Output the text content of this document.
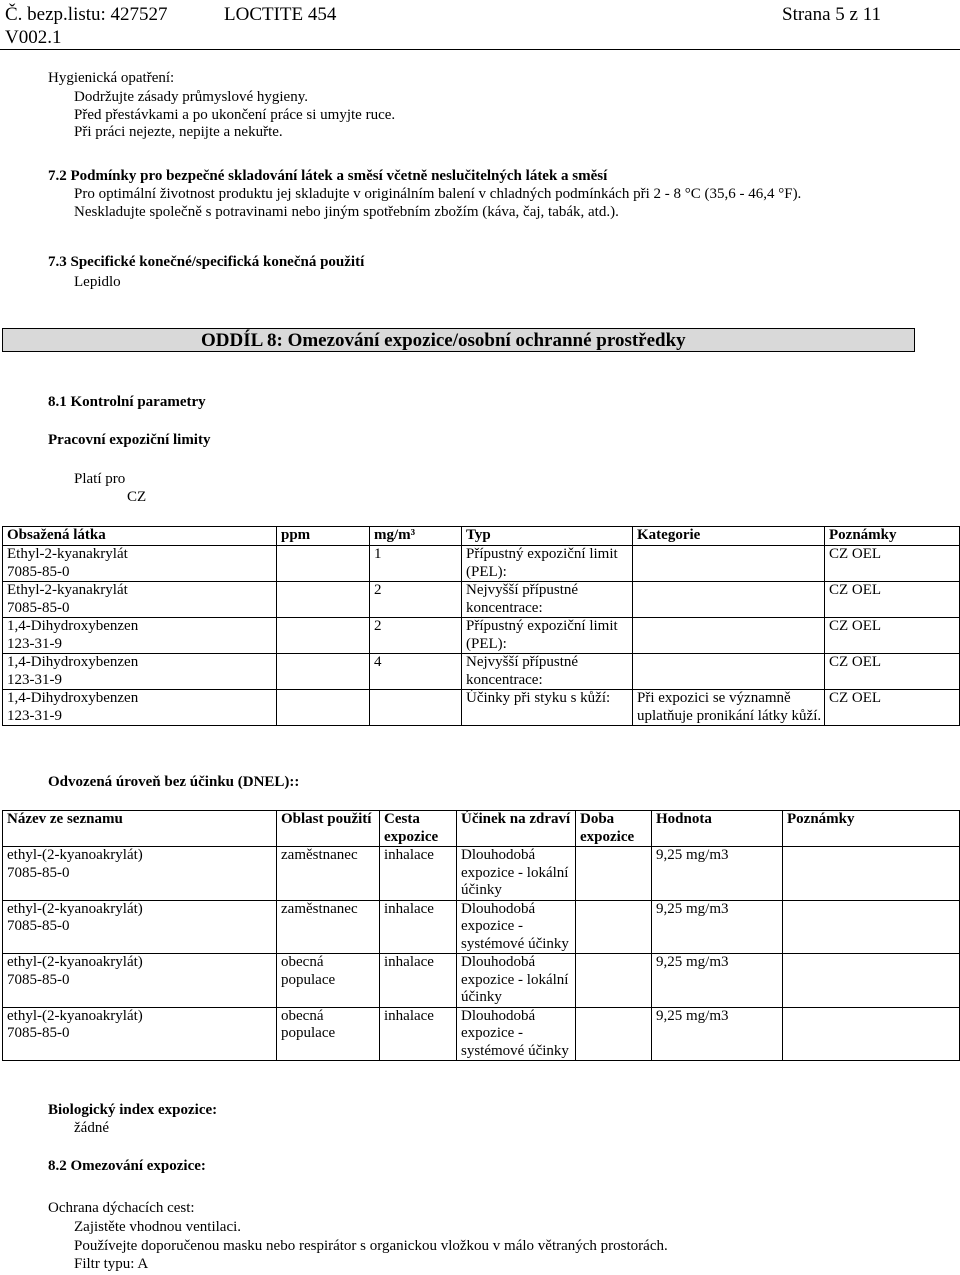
Č. bezp.listu: 427527	LOCTITE 454	Strana 5 z 11
V002.1
Hygienická opatření:
Dodržujte zásady průmyslové hygieny.
Před přestávkami a po ukončení práce si umyjte ruce.
Při práci nejezte, nepijte a nekuřte.
7.2 Podmínky pro bezpečné skladování látek a směsí včetně neslučitelných látek a směsí
Pro optimální životnost produktu jej skladujte v originálním balení v chladných podmínkách při 2 - 8 °C (35,6 - 46,4 °F).
Neskladujte společně s potravinami nebo jiným spotřebním zbožím (káva, čaj, tabák, atd.).
7.3 Specifické konečné/specifická konečná použití
Lepidlo
ODDÍL 8: Omezování expozice/osobní ochranné prostředky
8.1 Kontrolní parametry
Pracovní expoziční limity
Platí pro
CZ
Obsažená látka	ppm	mg/m³	Typ	Kategorie	Poznámky

Ethyl-2-kyanakrylát
7085-85-0		1	Přípustný expoziční limit
(PEL):		CZ OEL

Ethyl-2-kyanakrylát
7085-85-0		2	Nejvyšší přípustné
koncentrace:		CZ OEL

1,4-Dihydroxybenzen
123-31-9		2	Přípustný expoziční limit
(PEL):		CZ OEL

1,4-Dihydroxybenzen
123-31-9		4	Nejvyšší přípustné
koncentrace:		CZ OEL

1,4-Dihydroxybenzen
123-31-9			Účinky při styku s kůží:	Při expozici se významně
uplatňuje pronikání látky kůží.	CZ OEL
Odvozená úroveň bez účinku (DNEL)::
Název ze seznamu	Oblast použití	Cesta
expozice	Účinek na zdraví	Doba
expozice	Hodnota	Poznámky

ethyl-(2-kyanoakrylát)
7085-85-0	zaměstnanec	inhalace	Dlouhodobá
expozice - lokální
účinky		9,25 mg/m3	

ethyl-(2-kyanoakrylát)
7085-85-0	zaměstnanec	inhalace	Dlouhodobá
expozice -
systémové účinky		9,25 mg/m3	

ethyl-(2-kyanoakrylát)
7085-85-0	obecná
populace	inhalace	Dlouhodobá
expozice - lokální
účinky		9,25 mg/m3	

ethyl-(2-kyanoakrylát)
7085-85-0	obecná
populace	inhalace	Dlouhodobá
expozice -
systémové účinky		9,25 mg/m3	
Biologický index expozice:
žádné
8.2 Omezování expozice:
Ochrana dýchacích cest:
Zajistěte vhodnou ventilaci.
Používejte doporučenou masku nebo respirátor s organickou vložkou v málo větraných prostorách.
Filtr typu: A
